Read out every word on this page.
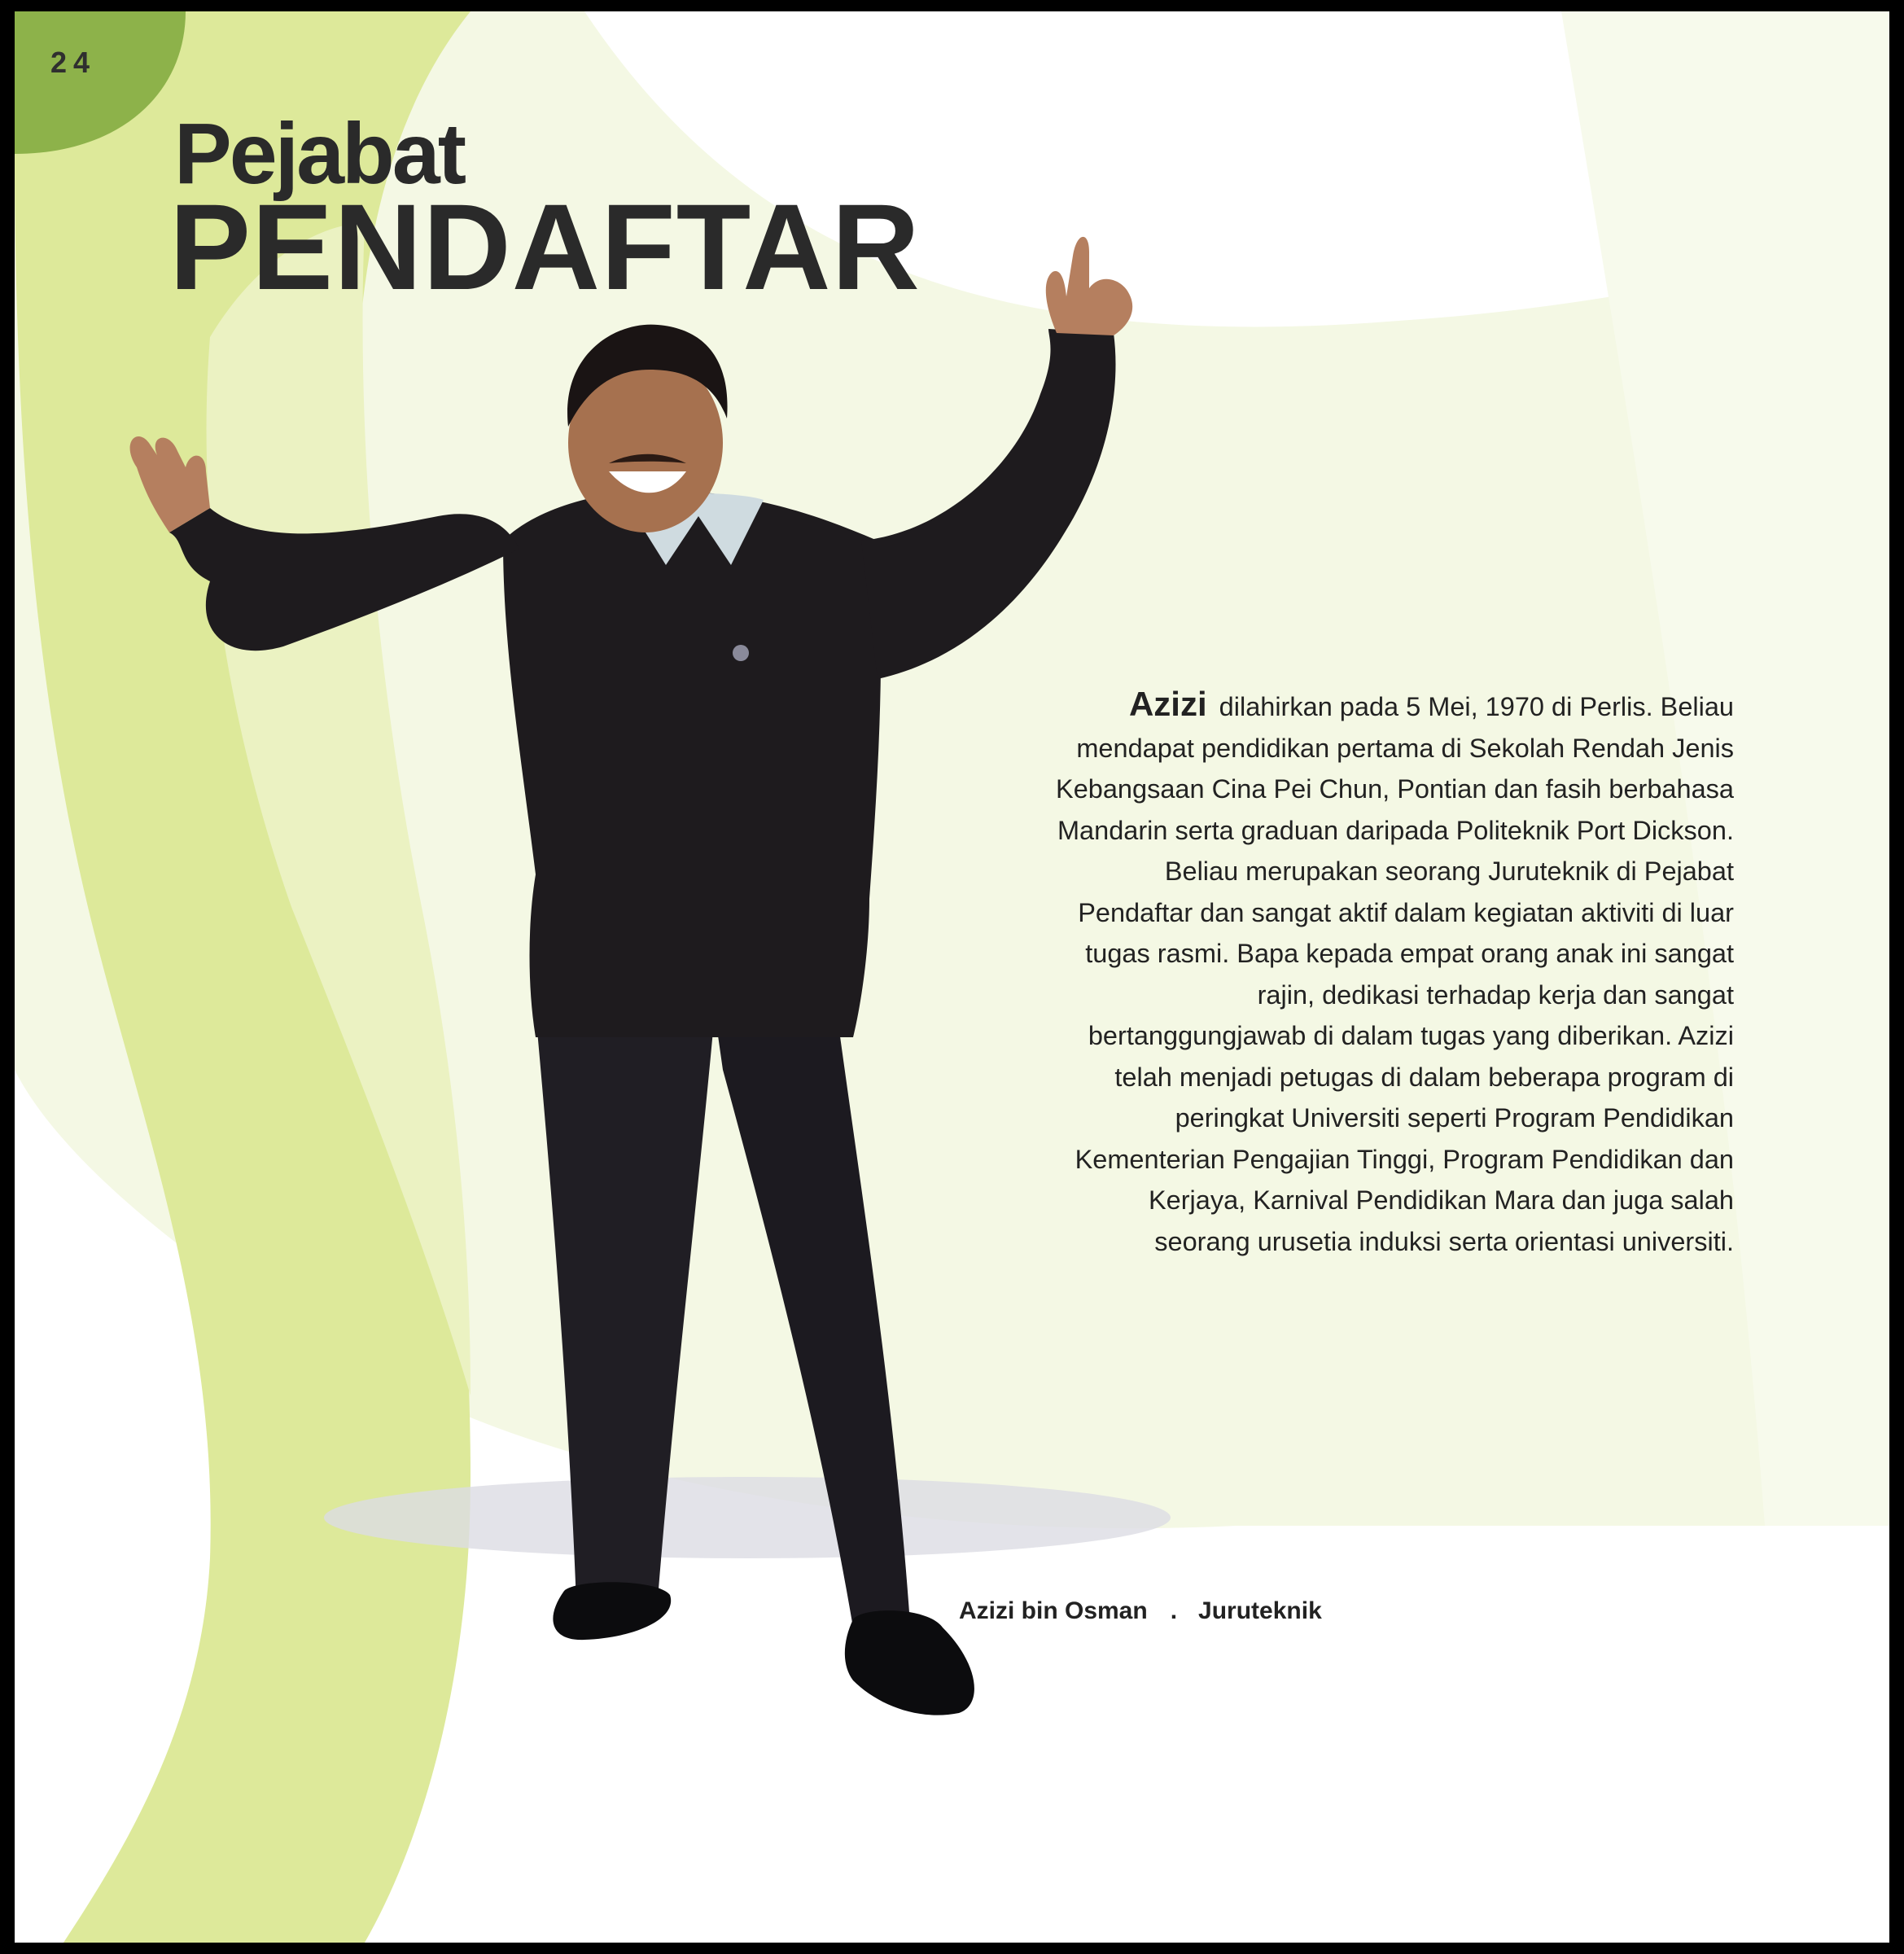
24
Pejabat
PENDAFTAR
Azizi dilahirkan pada 5 Mei, 1970 di Perlis. Beliau mendapat pendidikan pertama di Sekolah Rendah Jenis Kebangsaan Cina Pei Chun, Pontian dan fasih berbahasa Mandarin serta graduan daripada Politeknik Port Dickson. Beliau merupakan seorang Juruteknik di Pejabat Pendaftar dan sangat aktif dalam kegiatan aktiviti di luar tugas rasmi. Bapa kepada empat orang anak ini sangat rajin, dedikasi terhadap kerja dan sangat bertanggungjawab di dalam tugas yang diberikan. Azizi telah menjadi petugas di dalam beberapa program di peringkat Universiti seperti Program Pendidikan Kementerian Pengajian Tinggi, Program Pendidikan dan Kerjaya, Karnival Pendidikan Mara dan juga salah seorang urusetia induksi serta orientasi universiti.
Azizi bin Osman . Juruteknik
